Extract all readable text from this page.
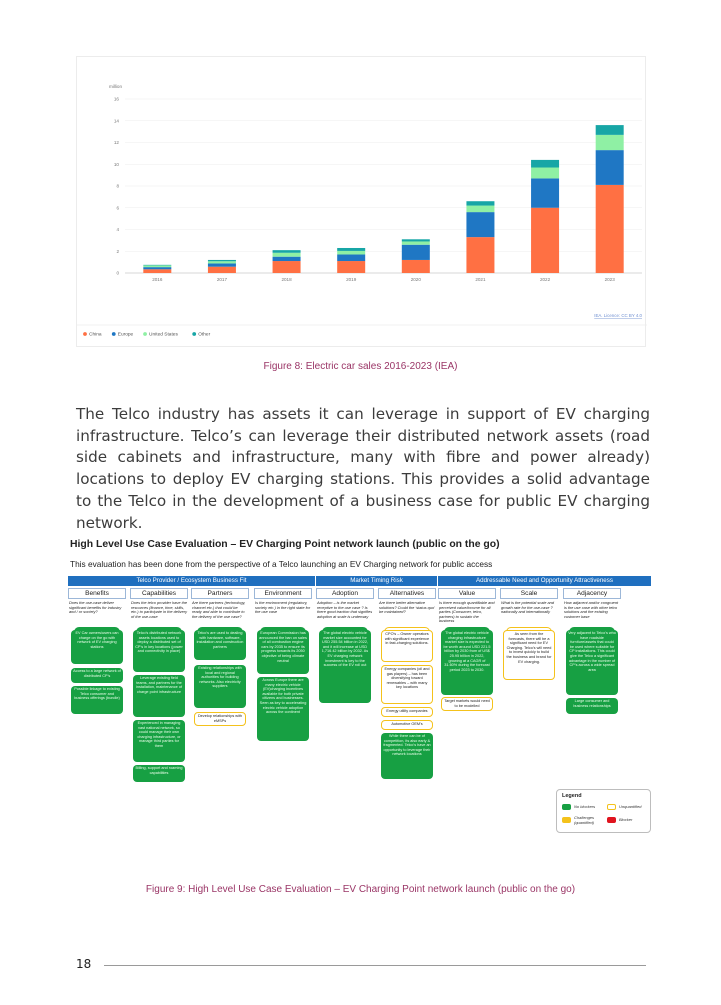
million
0
2
4
6
8
10
12
14
16
2016	2017	2018	2019	2020	2021	2022	2023
IEA. Licence: CC BY 4.0
China	Europe	United States	Other
Figure 8: Electric car sales 2016-2023 (IEA)

The Telco industry has assets it can leverage in support of EV charging infrastructure. Telco’s can leverage their distributed network assets (road side cabinets and infrastructure, many with fibre and power already) locations to deploy EV charging stations. This provides a solid advantage to the Telco in the development of a business case for public EV charging network.

High Level Use Case Evaluation – EV Charging Point network launch (public on the go)
This evaluation has been done from the perspective of a Telco launching an EV Charging network for public access
Telco Provider / Ecosystem Business Fit	Market Timing Risk	Addressable Need and Opportunity Attractiveness
Benefits
Does the use-case deliver significant benefits for industry and / or society?
EV Car owners/users can charge on the go with network of EV charging stations
Access to a large network of distributed CP’s
Possible linkage to existing Telco consumer and business offerings (bundle)
Capabilities
Does the telco provider have the resources (finance, time, skills, etc.) to participate in the delivery of the use-case
Telco’s distributed network assets locations used to deploy a distributed set of CP’s in key locations (power and connectivity in place)
Leverage existing field teams, and partners for the installation, maintenance of charge point infrastructure
Experienced in managing vast national network, so could manage their own charging infrastructure, or manage third parties for them
Billing, support and roaming capabilities
Partners
Are there partners (technology, channel etc.) that could be ready and able to contribute to the delivery of the use case?
Telco’s are used to dealing with hardware, software, installation and construction partners
Existing relationships with local and regional authorities for building networks. Also electricity suppliers
Develop relationships with eMSPs
Environment
Is the environment (regulatory, society etc.) in the right state for the use case
European Commission has announced the ban on sales of all combustion engine cars by 2035 to ensure its progress towards its 2050 objective of being climate neutral
Across Europe there are many electric vehicle (EV)charging incentives available for both private citizens and businesses. Seen as key to accelerating electric vehicle adoption across the continent
Adoption
Adoption – is the market receptive to the use case ? Is there good traction that signifies adoption at scale is underway
The global electric vehicle market size accounted for USD 255.54 billion in 2022, and it will increase at USD 1,716.42 billion by 2032. As EV charging network investment is key to the success of the EV roll out
Alternatives
Are there better alternative solutions? Could the ‘status quo’ be maintained?
CPO’s – Owner operators with significant experience in fast-charging solutions.
Energy companies (oil and gas players) – has been diversifying toward renewables – with many key locations
Energy utility companies
Automotive OEM’s
While there can be of competition, its also early & fragmented. Telco’s have an opportunity to leverage their network locations
Value
Is there enough quantifiable and perceived value/income for all parties (Consumer, telco, partners) to sustain the business
The global electric vehicle charging infrastructure market size is expected to be worth around USD 221.5 billion by 2030 from of US$ 25.95 billion in 2022, growing at a CAGR of 31.60% during the forecast period 2023 to 2030.
Target markets would need to be modelled
Scale
What is the potential scale and growth rate for the use-case ? nationally and internationally
As seen from the forecasts, there will be a significant need for EV Charging. Telco’s will need to invest quickly to build the business and brand for EV charging.
Adjacency
How adjacent and/or congruent is the use case with other telco solutions and the existing customer base
Very adjacent to Telco’s who have roadside furniture/assets that could be used where suitable for CP installations. This could give the Telco a significant advantage in the number of CP’s across a wide spread area
Large consumer and business relationships
Legend
No blockers	Unquantified
Challenges (quantified)	Blocker
Figure 9: High Level Use Case Evaluation – EV Charging Point network launch (public on the go)
18
